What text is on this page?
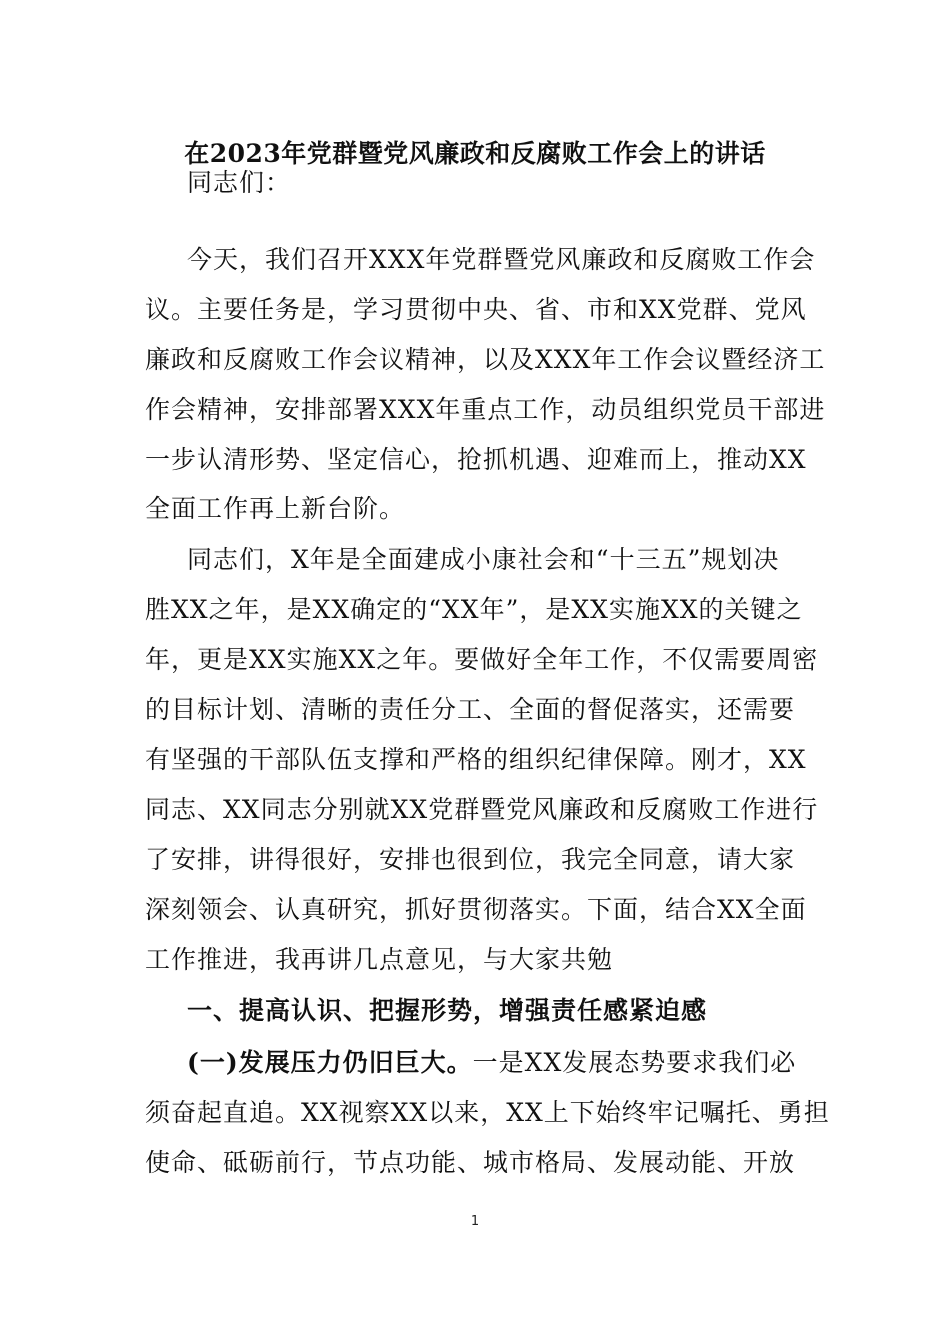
在2023年党群暨党风廉政和反腐败工作会上的讲话
同志们：
今天，我们召开XXX年党群暨党风廉政和反腐败工作会
议。主要任务是，学习贯彻中央、省、市和XX党群、党风
廉政和反腐败工作会议精神，以及XXX年工作会议暨经济工
作会精神，安排部署XXX年重点工作，动员组织党员干部进
一步认清形势、坚定信心，抢抓机遇、迎难而上，推动XX
全面工作再上新台阶。
同志们，X年是全面建成小康社会和“十三五”规划决
胜XX之年，是XX确定的“XX年”，是XX实施XX的关键之
年，更是XX实施XX之年。要做好全年工作，不仅需要周密
的目标计划、清晰的责任分工、全面的督促落实，还需要
有坚强的干部队伍支撑和严格的组织纪律保障。刚才，XX
同志、XX同志分别就XX党群暨党风廉政和反腐败工作进行
了安排，讲得很好，安排也很到位，我完全同意，请大家
深刻领会、认真研究，抓好贯彻落实。下面，结合XX全面
工作推进，我再讲几点意见，与大家共勉
一、提高认识、把握形势，增强责任感紧迫感
(一)发展压力仍旧巨大。一是XX发展态势要求我们必
须奋起直追。XX视察XX以来，XX上下始终牢记嘱托、勇担
使命、砥砺前行，节点功能、城市格局、发展动能、开放
1
